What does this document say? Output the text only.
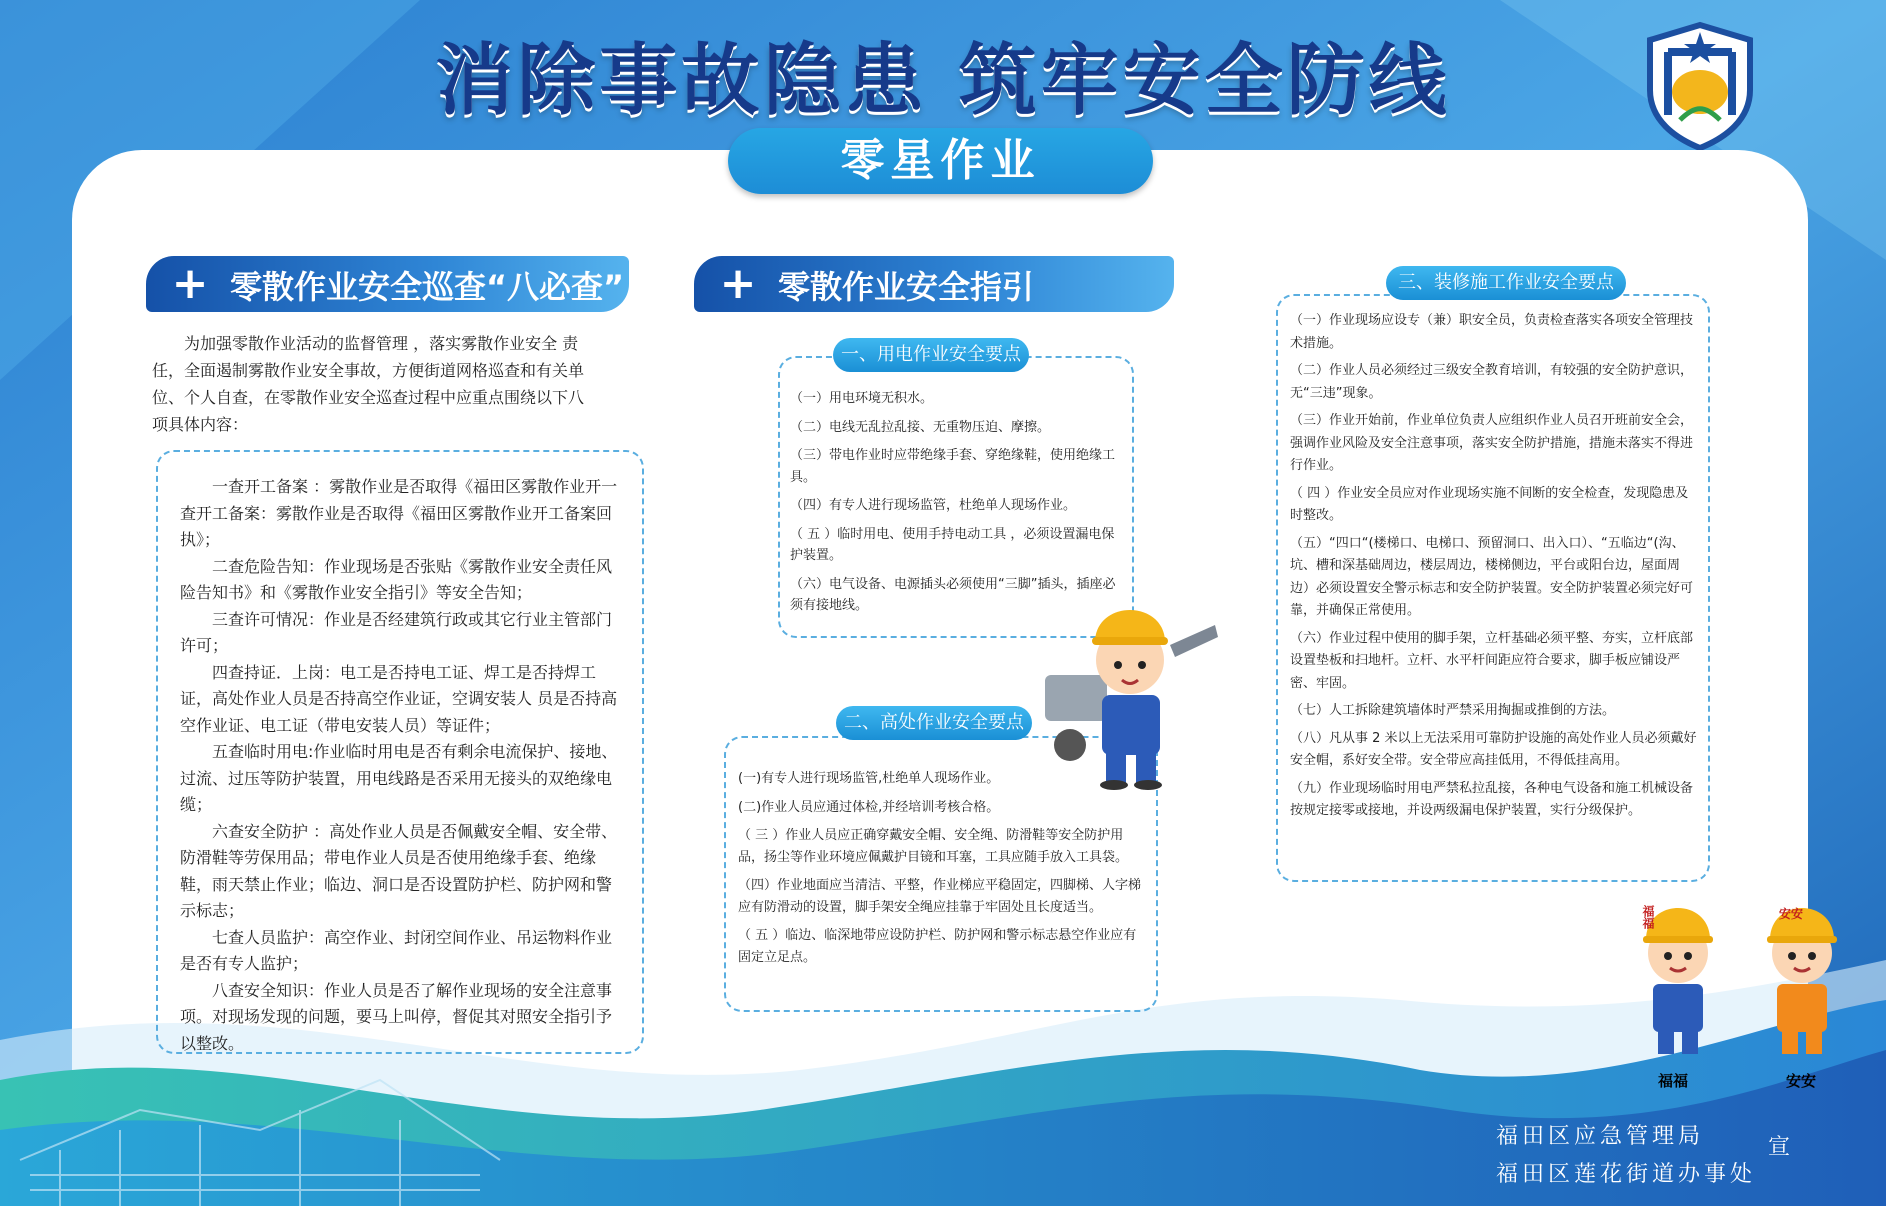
消除事故隐患 筑牢安全防线
零星作业
+ 零散作业安全巡查“八必查”
为加强零散作业活动的监督管理 ，落实雾散作业安全 责任，全面遏制雾散作业安全事故，方便街道网格巡查和有关单位、个人自查，在零散作业安全巡查过程中应重点围绕以下八项具体内容：

一查开工备案 ：雾散作业是否取得《福田区雾散作业开一查开工备案：雾散作业是否取得《福田区雾散作业开工备案回执》；

二查危险告知：作业现场是否张贴《雾散作业安全责任风险告知书》和《雾散作业安全指引》等安全告知；

三查许可情况：作业是否经建筑行政或其它行业主管部门许可；

四查持证．上岗：电工是否持电工证、焊工是否持焊工证，高处作业人员是否持高空作业证，空调安装人 员是否持高空作业证、电工证（带电安装人员）等证件；

五查临时用电:作业临时用电是否有剩余电流保护、接地、过流、过压等防护装置，用电线路是否采用无接头的双绝缘电缆；

六查安全防护 ：高处作业人员是否佩戴安全帽、安全带、防滑鞋等劳保用品；带电作业人员是否使用绝缘手套、绝缘鞋，雨天禁止作业；临边、洞口是否设置防护栏、防护网和警示标志；

七查人员监护：高空作业、封闭空间作业、吊运物料作业是否有专人监护；

八查安全知识：作业人员是否了解作业现场的安全注意事项。对现场发现的问题，要马上叫停，督促其对照安全指引予以整改。

+ 零散作业安全指引

（一）用电环境无积水。

（二）电线无乱拉乱接、无重物压迫、摩擦。

（三）带电作业时应带绝缘手套、穿绝缘鞋，使用绝缘工具。

（四）有专人进行现场监管，杜绝单人现场作业。

（ 五 ）临时用电、使用手持电动工具 ，必须设置漏电保护装置。

（六）电气设备、电源插头必须使用“三脚”插头，插座必须有接地线。

一、用电作业安全要点

(一)有专人进行现场监管,杜绝单人现场作业。

(二)作业人员应通过体检,并经培训考核合格。

（ 三 ）作业人员应正确穿戴安全帽、安全绳、防滑鞋等安全防护用品，扬尘等作业环境应佩戴护目镜和耳塞，工具应随手放入工具袋。

（四）作业地面应当清洁、平整，作业梯应平稳固定，四脚梯、人字梯应有防滑动的设置，脚手架安全绳应挂靠于牢固处且长度适当。

（ 五 ）临边、临深地带应设防护栏、防护网和警示标志悬空作业应有固定立足点。

二、高处作业安全要点

（一）作业现场应设专（兼）职安全员，负责检查落实各项安全管理技术措施。

（二）作业人员必须经过三级安全教育培训，有较强的安全防护意识，无“三违”现象。

（三）作业开始前，作业单位负责人应组织作业人员召开班前安全会，强调作业风险及安全注意事项，落实安全防护措施，措施未落实不得进行作业。

（ 四 ）作业安全员应对作业现场实施不间断的安全检查，发现隐患及时整改。

（五）“四口“(楼梯口、电梯口、预留洞口、出入口）、“五临边“(沟、坑、槽和深基础周边，楼层周边，楼梯侧边，平台或阳台边，屋面周边）必须设置安全警示标志和安全防护装置。安全防护装置必须完好可靠，并确保正常使用。

（六）作业过程中使用的脚手架，立杆基础必须平整、夯实，立杆底部设置垫板和扫地杆。立杆、水平杆间距应符合要求，脚手板应铺设严密、牢固。

（七）人工拆除建筑墙体时严禁采用掏掘或推倒的方法。

（八）凡从事 2 米以上无法采用可靠防护设施的高处作业人员必须戴好安全帽，系好安全带。安全带应高挂低用，不得低挂高用。

（九）作业现场临时用电严禁私拉乱接，各种电气设备和施工机械设备按规定接零或接地，并设两级漏电保护装置，实行分级保护。

三、装修施工作业安全要点
福福	安安
福福	安安
福田区应急管理局
福田区莲花街道办事处
宣
